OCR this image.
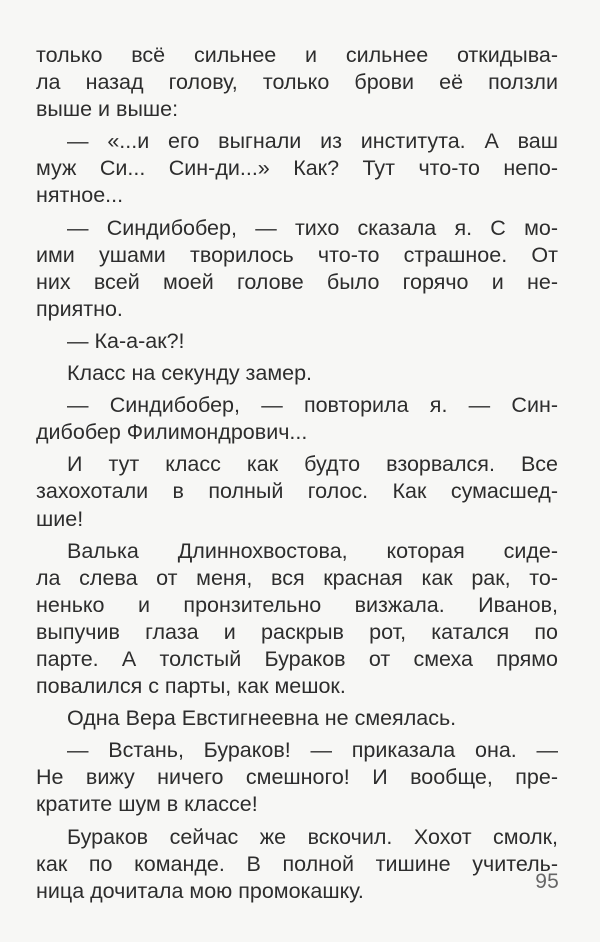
только всё сильнее и сильнее откидыва-
ла назад голову, только брови её ползли
выше и выше:
— «...и его выгнали из института. А ваш
муж Си... Син-ди...» Как? Тут что-то непо-
нятное...
— Синдибобер, — тихо сказала я. С мо-
ими ушами творилось что-то страшное. От
них всей моей голове было горячо и не-
приятно.
— Ка-а-ак?!
Класс на секунду замер.
— Синдибобер, — повторила я. — Син-
дибобер Филимондрович...
И тут класс как будто взорвался. Все
захохотали в полный голос. Как сумасшед-
шие!
Валька Длиннохвостова, которая сиде-
ла слева от меня, вся красная как рак, то-
ненько и пронзительно визжала. Иванов,
выпучив глаза и раскрыв рот, катался по
парте. А толстый Бураков от смеха прямо
повалился с парты, как мешок.
Одна Вера Евстигнеевна не смеялась.
— Встань, Бураков! — приказала она. —
Не вижу ничего смешного! И вообще, пре-
кратите шум в классе!
Бураков сейчас же вскочил. Хохот смолк,
как по команде. В полной тишине учитель-
ница дочитала мою промокашку.	95
